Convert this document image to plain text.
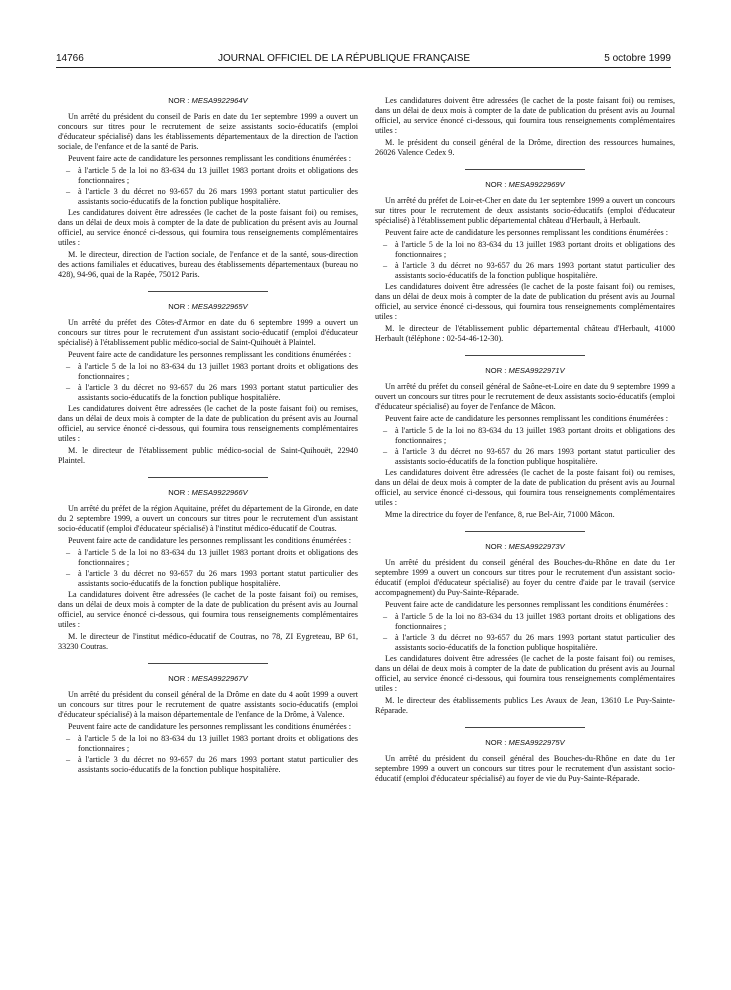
14766	JOURNAL OFFICIEL DE LA RÉPUBLIQUE FRANÇAISE	5 octobre 1999

NOR : MESA9922964V

Un arrêté du président du conseil de Paris en date du 1er septembre 1999 a ouvert un concours sur titres pour le recrutement de seize assistants socio-éducatifs (emploi d'éducateur spécialisé) dans les établissements départementaux de la direction de l'action sociale, de l'enfance et de la santé de Paris.

Peuvent faire acte de candidature les personnes remplissant les conditions énumérées :

– à l'article 5 de la loi no 83-634 du 13 juillet 1983 portant droits et obligations des fonctionnaires ;
– à l'article 3 du décret no 93-657 du 26 mars 1993 portant statut particulier des assistants socio-éducatifs de la fonction publique hospitalière.

Les candidatures doivent être adressées (le cachet de la poste faisant foi) ou remises, dans un délai de deux mois à compter de la date de publication du présent avis au Journal officiel, au service énoncé ci-dessous, qui fournira tous renseignements complémentaires utiles :

M. le directeur, direction de l'action sociale, de l'enfance et de la santé, sous-direction des actions familiales et éducatives, bureau des établissements départementaux (bureau no 428), 94-96, quai de la Rapée, 75012 Paris.

NOR : MESA9922965V

Un arrêté du préfet des Côtes-d'Armor en date du 6 septembre 1999 a ouvert un concours sur titres pour le recrutement d'un assistant socio-éducatif (emploi d'éducateur spécialisé) à l'établissement public médico-social de Saint-Quihouët à Plaintel.

Peuvent faire acte de candidature les personnes remplissant les conditions énumérées :

– à l'article 5 de la loi no 83-634 du 13 juillet 1983 portant droits et obligations des fonctionnaires ;
– à l'article 3 du décret no 93-657 du 26 mars 1993 portant statut particulier des assistants socio-éducatifs de la fonction publique hospitalière.

Les candidatures doivent être adressées (le cachet de la poste faisant foi) ou remises, dans un délai de deux mois à compter de la date de publication du présent avis au Journal officiel, au service énoncé ci-dessous, qui fournira tous renseignements complémentaires utiles :

M. le directeur de l'établissement public médico-social de Saint-Quihouët, 22940 Plaintel.

NOR : MESA9922966V

Un arrêté du préfet de la région Aquitaine, préfet du département de la Gironde, en date du 2 septembre 1999, a ouvert un concours sur titres pour le recrutement d'un assistant socio-éducatif (emploi d'éducateur spécialisé) à l'institut médico-éducatif de Coutras.

Peuvent faire acte de candidature les personnes remplissant les conditions énumérées :

– à l'article 5 de la loi no 83-634 du 13 juillet 1983 portant droits et obligations des fonctionnaires ;
– à l'article 3 du décret no 93-657 du 26 mars 1993 portant statut particulier des assistants socio-éducatifs de la fonction publique hospitalière.

La candidatures doivent être adressées (le cachet de la poste faisant foi) ou remises, dans un délai de deux mois à compter de la date de publication du présent avis au Journal officiel, au service énoncé ci-dessous, qui fournira tous renseignements complémentaires utiles :

M. le directeur de l'institut médico-éducatif de Coutras, no 78, ZI Eygreteau, BP 61, 33230 Coutras.

NOR : MESA9922967V

Un arrêté du président du conseil général de la Drôme en date du 4 août 1999 a ouvert un concours sur titres pour le recrutement de quatre assistants socio-éducatifs (emploi d'éducateur spécialisé) à la maison départementale de l'enfance de la Drôme, à Valence.

Peuvent faire acte de candidature les personnes remplissant les conditions énumérées :

– à l'article 5 de la loi no 83-634 du 13 juillet 1983 portant droits et obligations des fonctionnaires ;
– à l'article 3 du décret no 93-657 du 26 mars 1993 portant statut particulier des assistants socio-éducatifs de la fonction publique hospitalière.

Les candidatures doivent être adressées (le cachet de la poste faisant foi) ou remises, dans un délai de deux mois à compter de la date de publication du présent avis au Journal officiel, au service énoncé ci-dessous, qui fournira tous renseignements complémentaires utiles :

M. le président du conseil général de la Drôme, direction des ressources humaines, 26026 Valence Cedex 9.

NOR : MESA9922969V

Un arrêté du préfet de Loir-et-Cher en date du 1er septembre 1999 a ouvert un concours sur titres pour le recrutement de deux assistants socio-éducatifs (emploi d'éducateur spécialisé) à l'établissement public départemental château d'Herbault, à Herbault.

Peuvent faire acte de candidature les personnes remplissant les conditions énumérées :

– à l'article 5 de la loi no 83-634 du 13 juillet 1983 portant droits et obligations des fonctionnaires ;
– à l'article 3 du décret no 93-657 du 26 mars 1993 portant statut particulier des assistants socio-éducatifs de la fonction publique hospitalière.

Les candidatures doivent être adressées (le cachet de la poste faisant foi) ou remises, dans un délai de deux mois à compter de la date de publication du présent avis au Journal officiel, au service énoncé ci-dessous, qui fournira tous renseignements complémentaires utiles :

M. le directeur de l'établissement public départemental château d'Herbault, 41000 Herbault (téléphone : 02-54-46-12-30).

NOR : MESA9922971V

Un arrêté du préfet du conseil général de Saône-et-Loire en date du 9 septembre 1999 a ouvert un concours sur titres pour le recrutement de deux assistants socio-éducatifs (emploi d'éducateur spécialisé) au foyer de l'enfance de Mâcon.

Peuvent faire acte de candidature les personnes remplissant les conditions énumérées :

– à l'article 5 de la loi no 83-634 du 13 juillet 1983 portant droits et obligations des fonctionnaires ;
– à l'article 3 du décret no 93-657 du 26 mars 1993 portant statut particulier des assistants socio-éducatifs de la fonction publique hospitalière.

Les candidatures doivent être adressées (le cachet de la poste faisant foi) ou remises, dans un délai de deux mois à compter de la date de publication du présent avis au Journal officiel, au service énoncé ci-dessous, qui fournira tous renseignements complémentaires utiles :

Mme la directrice du foyer de l'enfance, 8, rue Bel-Air, 71000 Mâcon.

NOR : MESA9922973V

Un arrêté du président du conseil général des Bouches-du-Rhône en date du 1er septembre 1999 a ouvert un concours sur titres pour le recrutement d'un assistant socio-éducatif (emploi d'éducateur spécialisé) au foyer du centre d'aide par le travail (service accompagnement) du Puy-Sainte-Réparade.

Peuvent faire acte de candidature les personnes remplissant les conditions énumérées :

– à l'article 5 de la loi no 83-634 du 13 juillet 1983 portant droits et obligations des fonctionnaires ;
– à l'article 3 du décret no 93-657 du 26 mars 1993 portant statut particulier des assistants socio-éducatifs de la fonction publique hospitalière.

Les candidatures doivent être adressées (le cachet de la poste faisant foi) ou remises, dans un délai de deux mois à compter de la date de publication du présent avis au Journal officiel, au service énoncé ci-dessous, qui fournira tous renseignements complémentaires utiles :

M. le directeur des établissements publics Les Avaux de Jean, 13610 Le Puy-Sainte-Réparade.

NOR : MESA9922975V

Un arrêté du président du conseil général des Bouches-du-Rhône en date du 1er septembre 1999 a ouvert un concours sur titres pour le recrutement d'un assistant socio-éducatif (emploi d'éducateur spécialisé) au foyer de vie du Puy-Sainte-Réparade.
